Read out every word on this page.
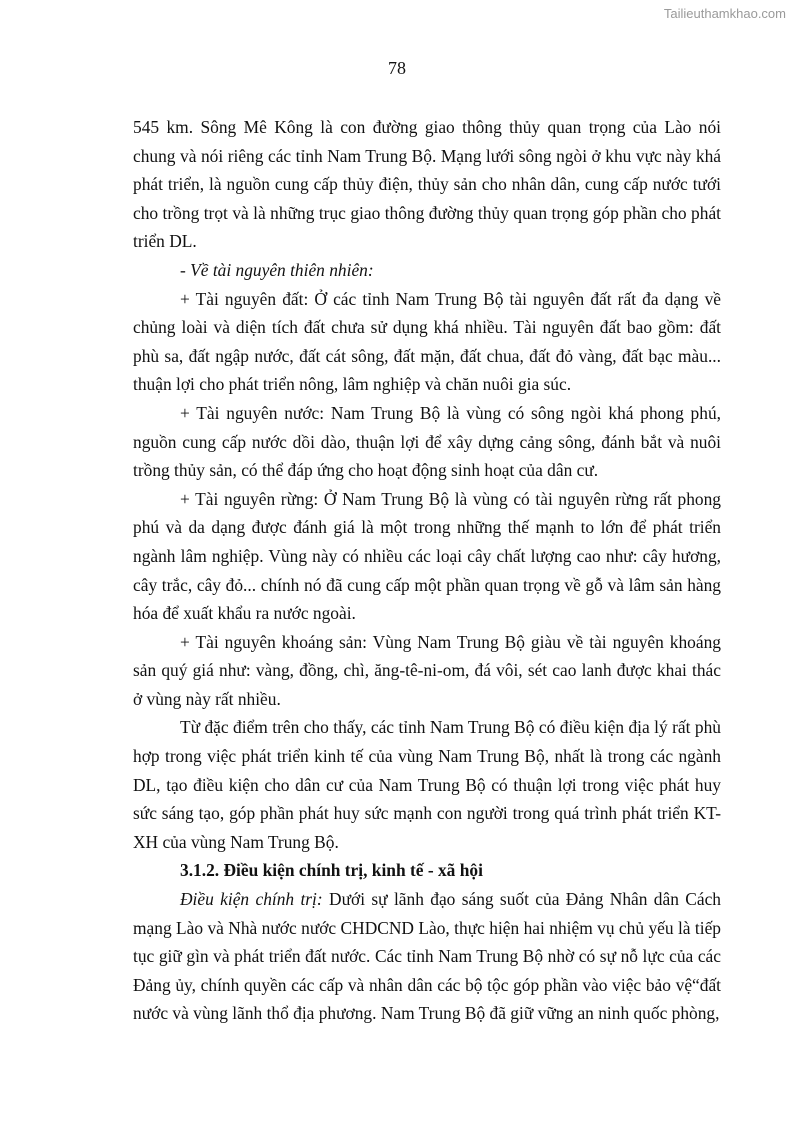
Tailieuthamkhao.com
78

545 km. Sông Mê Kông là con đường giao thông thủy quan trọng của Lào nói chung và nói riêng các tỉnh Nam Trung Bộ. Mạng lưới sông ngòi ở khu vực này khá phát triển, là nguồn cung cấp thủy điện, thủy sản cho nhân dân, cung cấp nước tưới cho trồng trọt và là những trục giao thông đường thủy quan trọng góp phần cho phát triển DL.

- Về tài nguyên thiên nhiên:

+ Tài nguyên đất: Ở các tỉnh Nam Trung Bộ tài nguyên đất rất đa dạng về chủng loài và diện tích đất chưa sử dụng khá nhiều. Tài nguyên đất bao gồm: đất phù sa, đất ngập nước, đất cát sông, đất mặn, đất chua, đất đỏ vàng, đất bạc màu... thuận lợi cho phát triển nông, lâm nghiệp và chăn nuôi gia súc.

+ Tài nguyên nước: Nam Trung Bộ là vùng có sông ngòi khá phong phú, nguồn cung cấp nước dồi dào, thuận lợi để xây dựng cảng sông, đánh bắt và nuôi trồng thủy sản, có thể đáp ứng cho hoạt động sinh hoạt của dân cư.

+ Tài nguyên rừng: Ở Nam Trung Bộ là vùng có tài nguyên rừng rất phong phú và da dạng được đánh giá là một trong những thế mạnh to lớn để phát triển ngành lâm nghiệp. Vùng này có nhiều các loại cây chất lượng cao như: cây hương, cây trắc, cây đỏ... chính nó đã cung cấp một phần quan trọng về gỗ và lâm sản hàng hóa để xuất khẩu ra nước ngoài.

+ Tài nguyên khoáng sản: Vùng Nam Trung Bộ giàu về tài nguyên khoáng sản quý giá như: vàng, đồng, chì, ăng-tê-ni-om, đá vôi, sét cao lanh được khai thác ở vùng này rất nhiều.

Từ đặc điểm trên cho thấy, các tỉnh Nam Trung Bộ có điều kiện địa lý rất phù hợp trong việc phát triển kinh tế của vùng Nam Trung Bộ, nhất là trong các ngành DL, tạo điều kiện cho dân cư của Nam Trung Bộ có thuận lợi trong việc phát huy sức sáng tạo, góp phần phát huy sức mạnh con người trong quá trình phát triển KT-XH của vùng Nam Trung Bộ.

3.1.2. Điều kiện chính trị, kinh tế - xã hội

Điều kiện chính trị: Dưới sự lãnh đạo sáng suốt của Đảng Nhân dân Cách mạng Lào và Nhà nước nước CHDCND Lào, thực hiện hai nhiệm vụ chủ yếu là tiếp tục giữ gìn và phát triển đất nước. Các tỉnh Nam Trung Bộ nhờ có sự nỗ lực của các Đảng ủy, chính quyền các cấp và nhân dân các bộ tộc góp phần vào việc bảo vệ“đất nước và vùng lãnh thổ địa phương. Nam Trung Bộ đã giữ vững an ninh quốc phòng,
